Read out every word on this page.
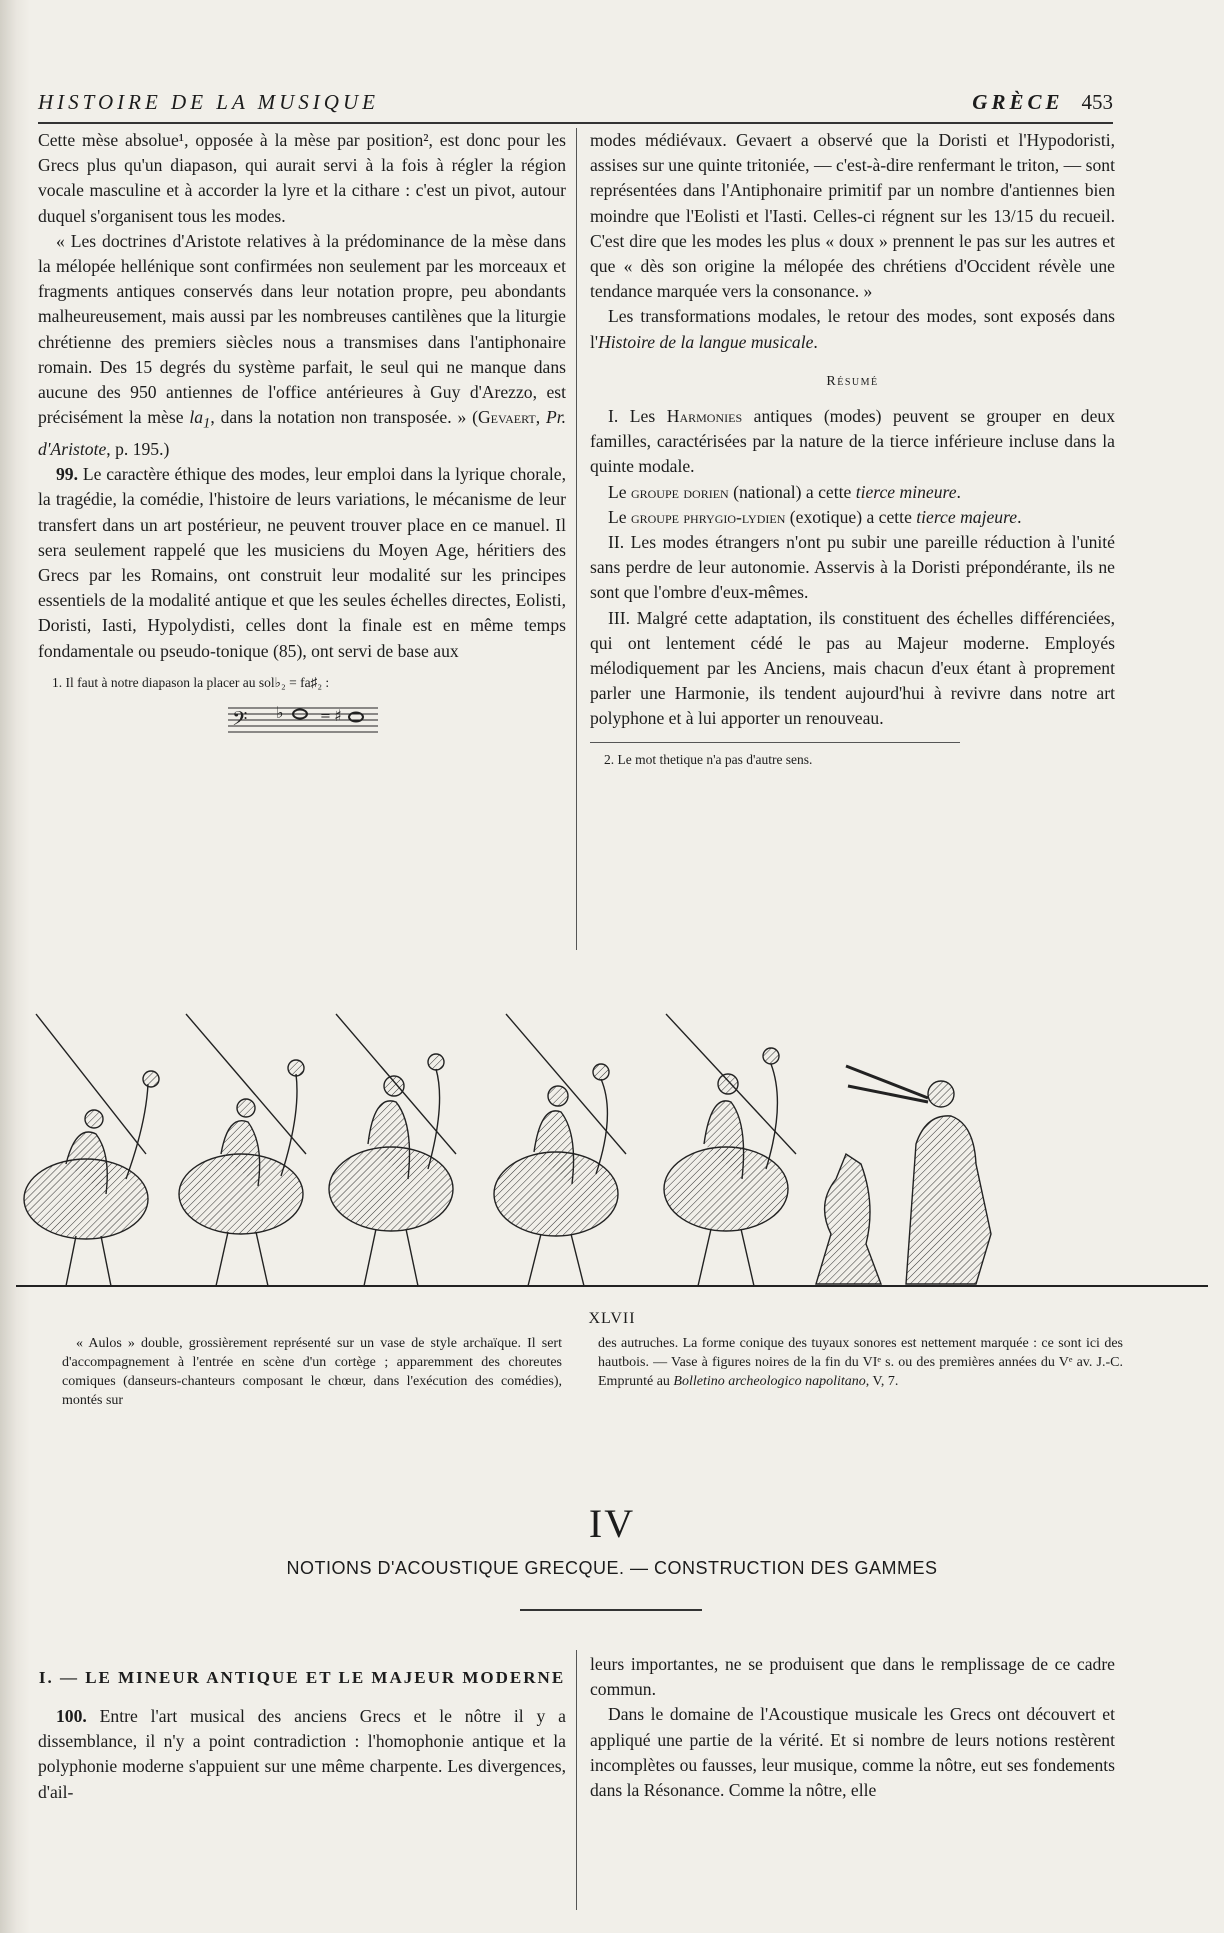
HISTOIRE DE LA MUSIQUE	GRÈCE 453

Cette mèse absolue¹, opposée à la mèse par position², est donc pour les Grecs plus qu'un diapason, qui aurait servi à la fois à régler la région vocale masculine et à accorder la lyre et la cithare : c'est un pivot, autour duquel s'organisent tous les modes.

« Les doctrines d'Aristote relatives à la prédominance de la mèse dans la mélopée hellénique sont confirmées non seulement par les morceaux et fragments antiques conservés dans leur notation propre, peu abondants malheureusement, mais aussi par les nombreuses cantilènes que la liturgie chrétienne des premiers siècles nous a transmises dans l'antiphonaire romain. Des 15 degrés du système parfait, le seul qui ne manque dans aucune des 950 antiennes de l'office antérieures à Guy d'Arezzo, est précisément la mèse $la_1$, dans la notation non transposée. » (Gevaert, Pr. d'Aristote, p. 195.)

99. Le caractère éthique des modes, leur emploi dans la lyrique chorale, la tragédie, la comédie, l'histoire de leurs variations, le mécanisme de leur transfert dans un art postérieur, ne peuvent trouver place en ce manuel. Il sera seulement rappelé que les musiciens du Moyen Age, héritiers des Grecs par les Romains, ont construit leur modalité sur les principes essentiels de la modalité antique et que les seules échelles directes, Eolisti, Doristi, Iasti, Hypolydisti, celles dont la finale est en même temps fondamentale ou pseudo-tonique (85), ont servi de base aux

1. Il faut à notre diapason la placer au sol♭₂ = fa♯₂ :
𝄢 ♭	= ♯

modes médiévaux. Gevaert a observé que la Doristi et l'Hypodoristi, assises sur une quinte tritoniée, — c'est-à-dire renfermant le triton, — sont représentées dans l'Antiphonaire primitif par un nombre d'antiennes bien moindre que l'Eolisti et l'Iasti. Celles-ci régnent sur les 13/15 du recueil. C'est dire que les modes les plus « doux » prennent le pas sur les autres et que « dès son origine la mélopée des chrétiens d'Occident révèle une tendance marquée vers la consonance. »

Les transformations modales, le retour des modes, sont exposés dans l'Histoire de la langue musicale.

Résumé

I. Les Harmonies antiques (modes) peuvent se grouper en deux familles, caractérisées par la nature de la tierce inférieure incluse dans la quinte modale.

Le groupe dorien (national) a cette tierce mineure.

Le groupe phrygio-lydien (exotique) a cette tierce majeure.

II. Les modes étrangers n'ont pu subir une pareille réduction à l'unité sans perdre de leur autonomie. Asservis à la Doristi prépondérante, ils ne sont que l'ombre d'eux-mêmes.

III. Malgré cette adaptation, ils constituent des échelles différenciées, qui ont lentement cédé le pas au Majeur moderne. Employés mélodiquement par les Anciens, mais chacun d'eux étant à proprement parler une Harmonie, ils tendent aujourd'hui à revivre dans notre art polyphone et à lui apporter un renouveau.

2. Le mot thetique n'a pas d'autre sens.
XLVII
« Aulos » double, grossièrement représenté sur un vase de style archaïque. Il sert d'accompagnement à l'entrée en scène d'un cortège ; apparemment des choreutes comiques (danseurs-chanteurs composant le chœur, dans l'exécution des comédies), montés sur
des autruches. La forme conique des tuyaux sonores est nettement marquée : ce sont ici des hautbois. — Vase à figures noires de la fin du VIᵉ s. ou des premières années du Vᵉ av. J.-C. Emprunté au Bolletino archeologico napolitano, V, 7.
IV
NOTIONS D'ACOUSTIQUE GRECQUE. — CONSTRUCTION DES GAMMES
I. — LE MINEUR ANTIQUE ET LE MAJEUR MODERNE

100. Entre l'art musical des anciens Grecs et le nôtre il y a dissemblance, il n'y a point contradiction : l'homophonie antique et la polyphonie moderne s'appuient sur une même charpente. Les divergences, d'ail-

leurs importantes, ne se produisent que dans le remplissage de ce cadre commun.

Dans le domaine de l'Acoustique musicale les Grecs ont découvert et appliqué une partie de la vérité. Et si nombre de leurs notions restèrent incomplètes ou fausses, leur musique, comme la nôtre, eut ses fondements dans la Résonance. Comme la nôtre, elle
